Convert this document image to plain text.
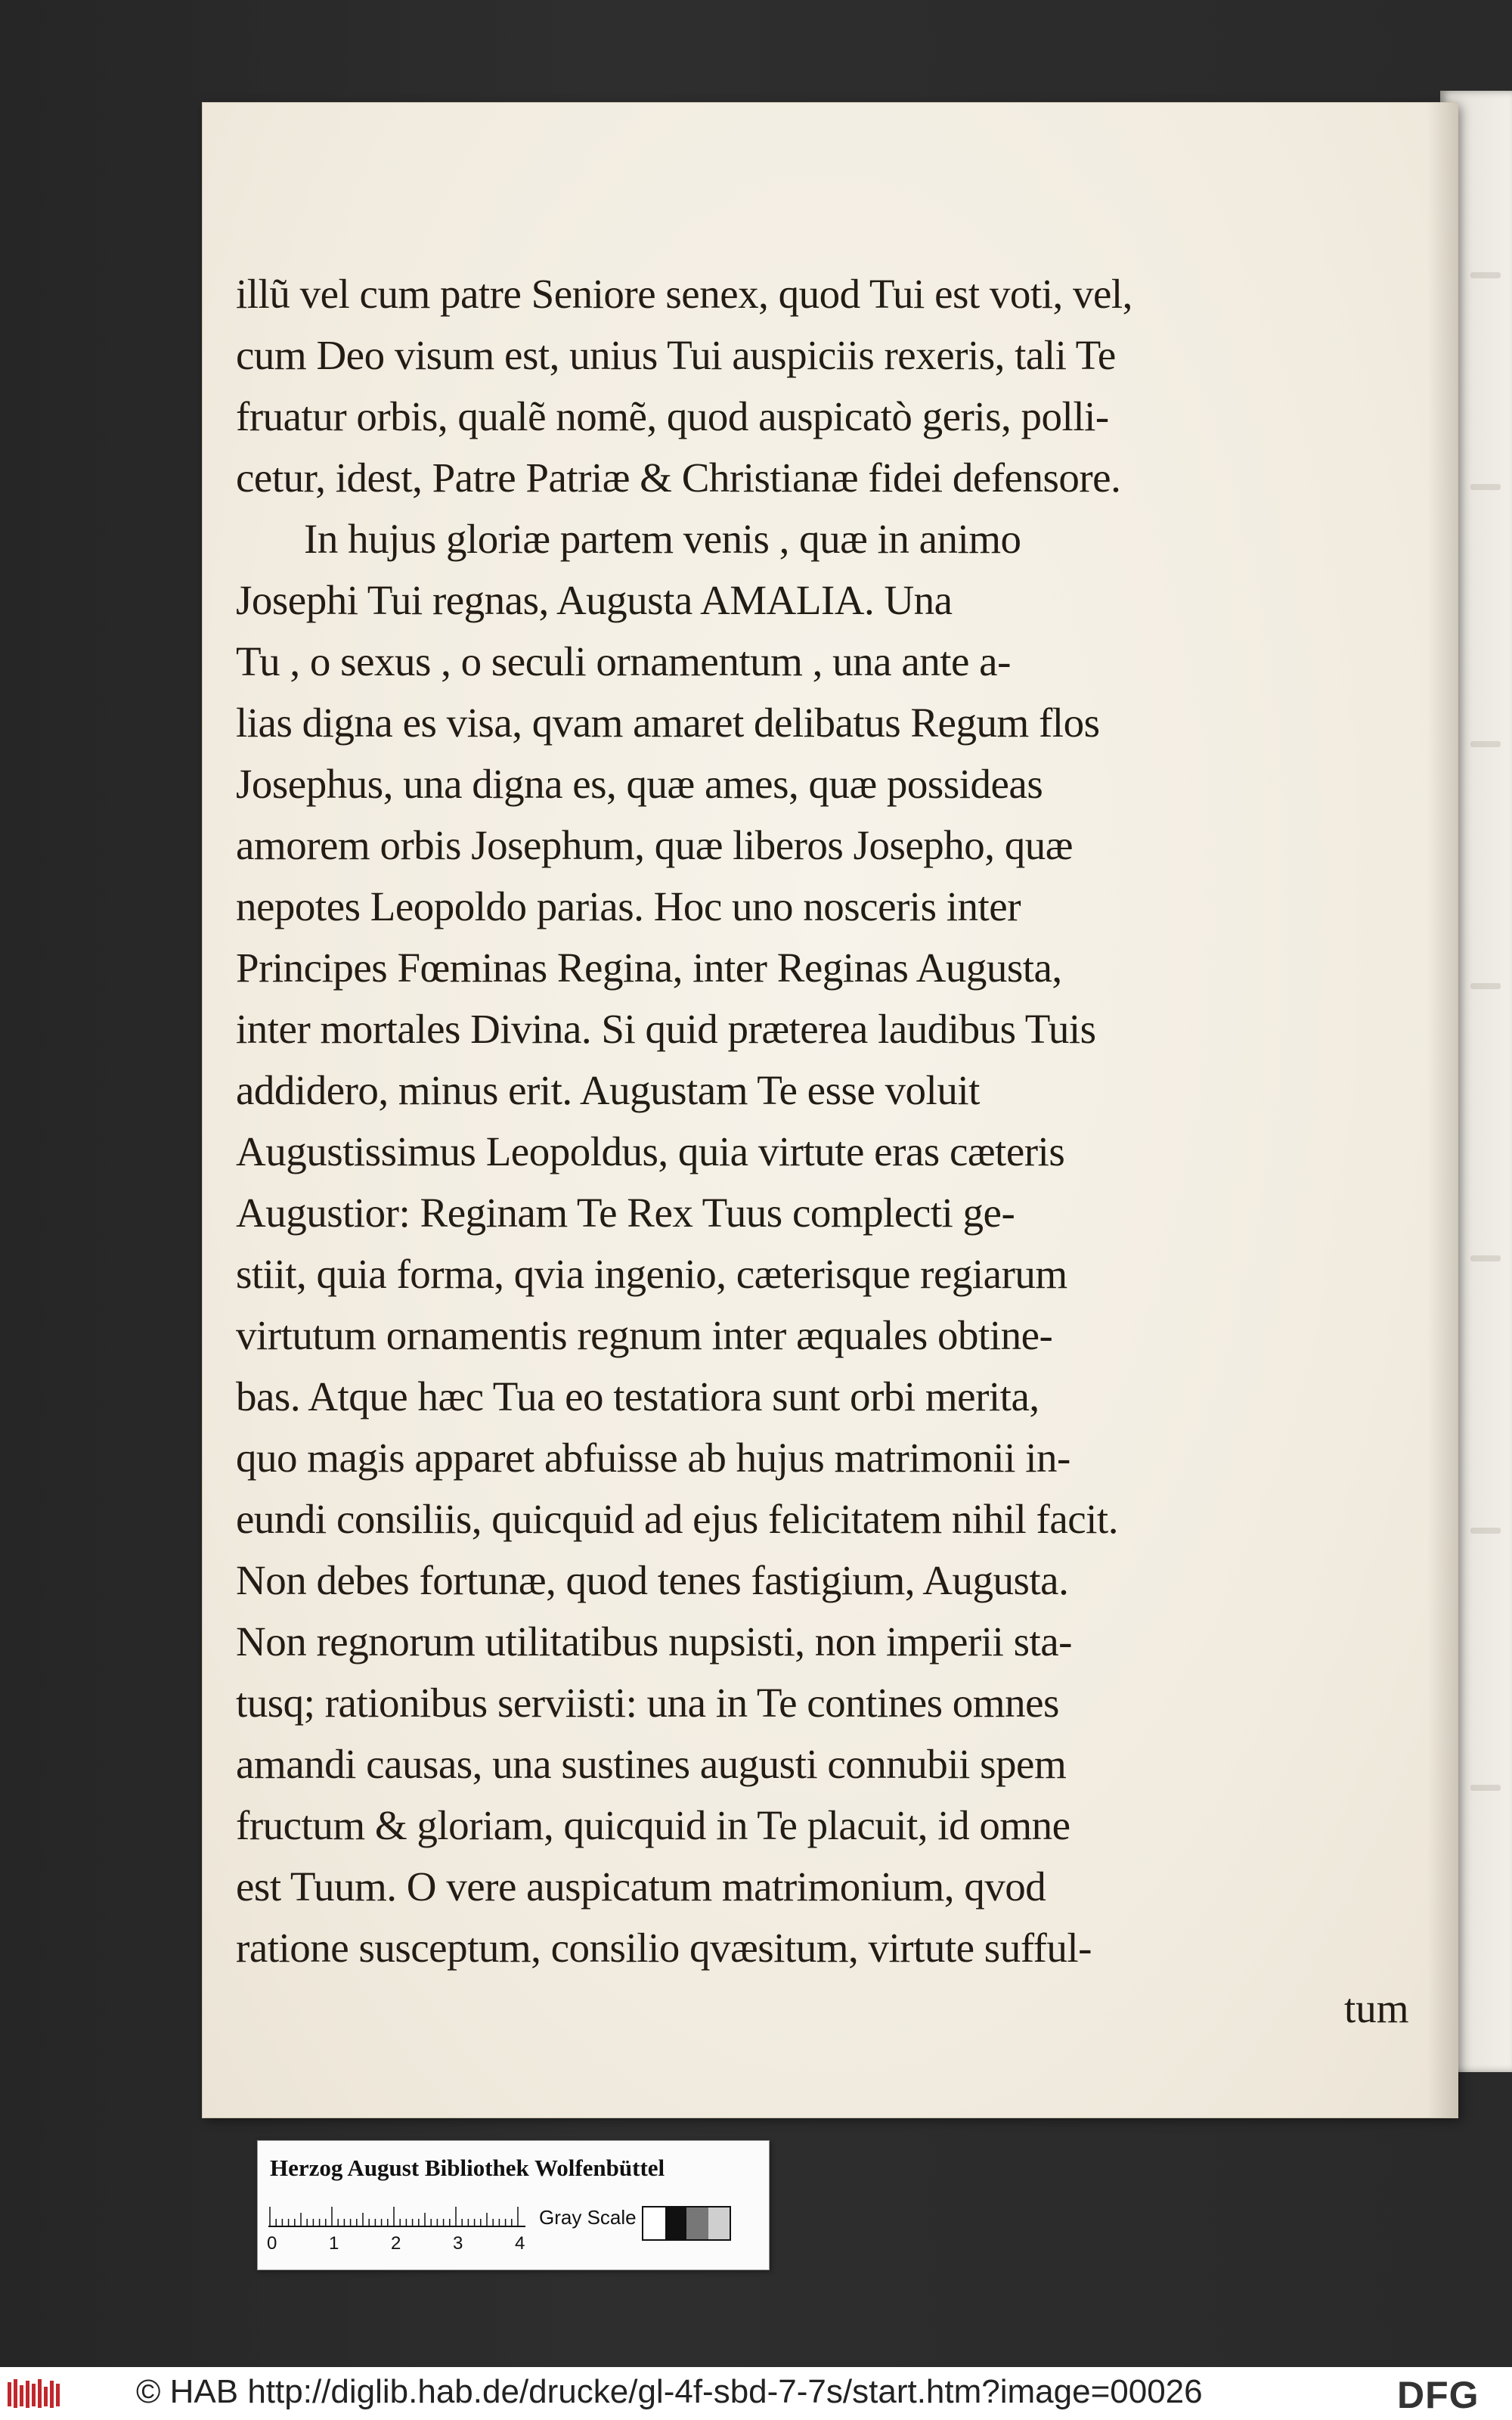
illũ vel cum patre Seniore senex, quod Tui est voti, vel,
cum Deo visum est, unius Tui auspiciis rexeris, tali Te
fruatur orbis, qualẽ nomẽ, quod auspicatò geris, polli-
cetur, idest, Patre Patriæ & Christianæ fidei defensore.
In hujus gloriæ partem venis , quæ in animo
Josephi Tui regnas, Augusta AMALIA. Una
Tu , o sexus , o seculi ornamentum , una ante a-
lias digna es visa, qvam amaret delibatus Regum flos
Josephus, una digna es, quæ ames, quæ possideas
amorem orbis Josephum, quæ liberos Josepho, quæ
nepotes Leopoldo parias. Hoc uno nosceris inter
Principes Fœminas Regina, inter Reginas Augusta,
inter mortales Divina. Si quid præterea laudibus Tuis
addidero, minus erit. Augustam Te esse voluit
Augustissimus Leopoldus, quia virtute eras cæteris
Augustior: Reginam Te Rex Tuus complecti ge-
stiit, quia forma, qvia ingenio, cæterisque regiarum
virtutum ornamentis regnum inter æquales obtine-
bas. Atque hæc Tua eo testatiora sunt orbi merita,
quo magis apparet abfuisse ab hujus matrimonii in-
eundi consiliis, quicquid ad ejus felicitatem nihil facit.
Non debes fortunæ, quod tenes fastigium, Augusta.
Non regnorum utilitatibus nupsisti, non imperii sta-
tusq; rationibus serviisti: una in Te contines omnes
amandi causas, una sustines augusti connubii spem
fructum & gloriam, quicquid in Te placuit, id omne
est Tuum. O vere auspicatum matrimonium, qvod
ratione susceptum, consilio qvæsitum, virtute sufful-
tum
Herzog August Bibliothek Wolfenbüttel
0	1	2	3	4
Gray Scale
© HAB http://diglib.hab.de/drucke/gl-4f-sbd-7-7s/start.htm?image=00026	DFG
